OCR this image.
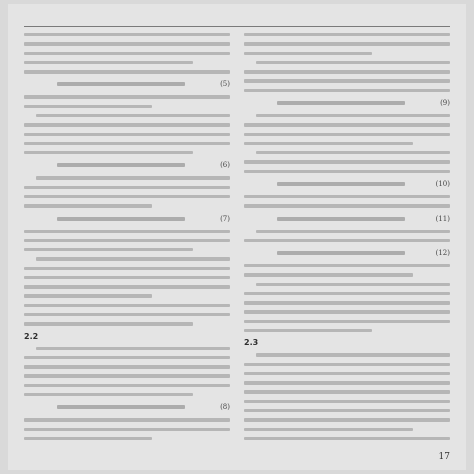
(5)
(6)
(7)
2.2
(8)
(9)
(10)
(11)
(12)
2.3
17
